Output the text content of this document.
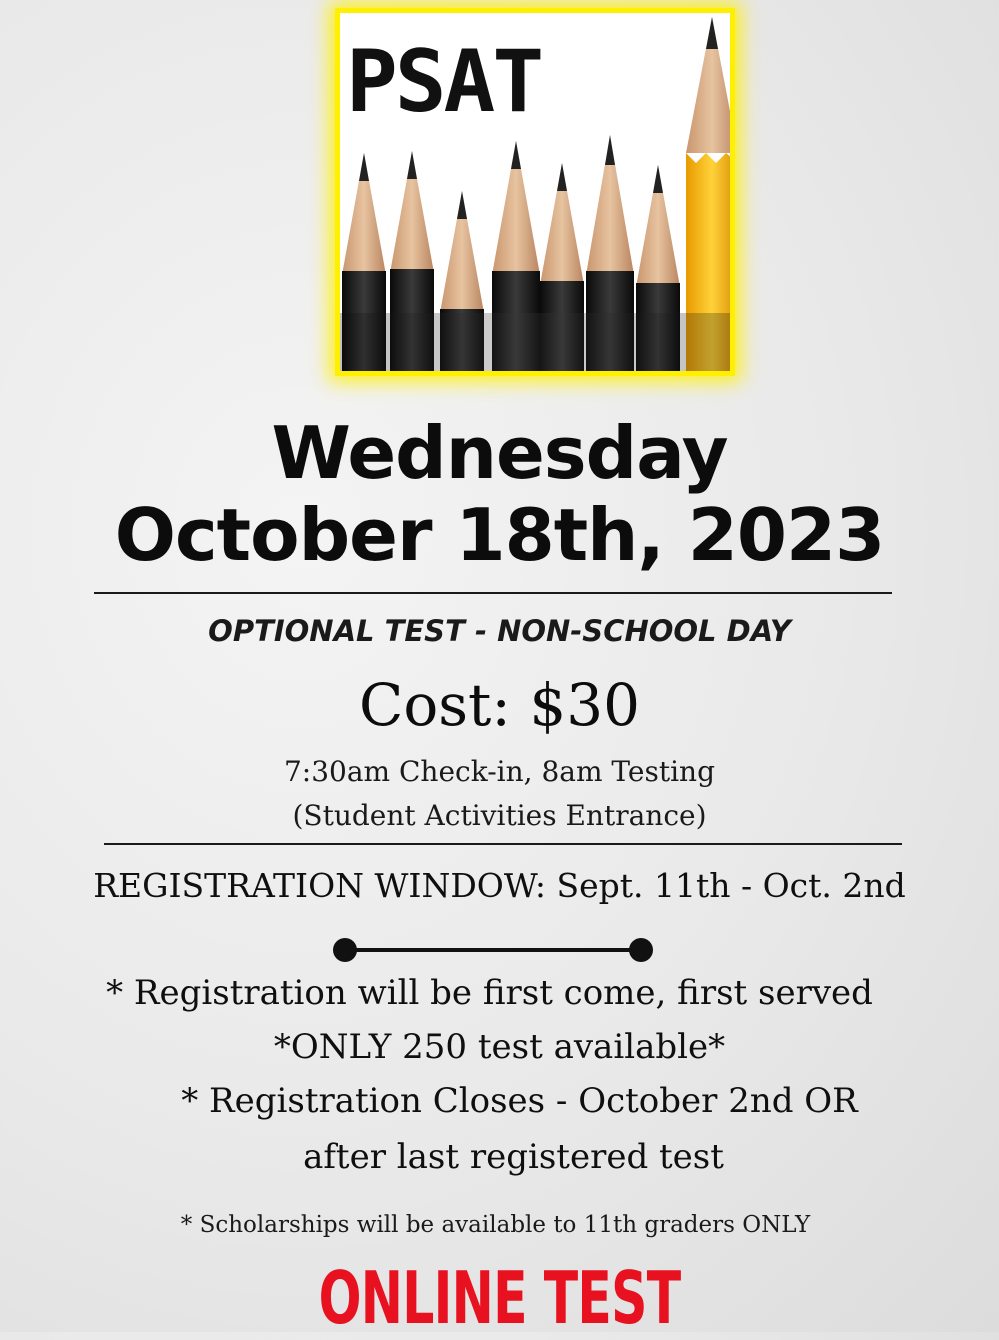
PSAT
Wednesday
October 18th, 2023
OPTIONAL TEST - NON-SCHOOL DAY
Cost: $30
7:30am Check-in, 8am Testing
(Student Activities Entrance)
REGISTRATION WINDOW: Sept. 11th - Oct. 2nd
* Registration will be first come, first served
*ONLY 250 test available*
* Registration Closes - October 2nd OR
after last registered test
* Scholarships will be available to 11th graders ONLY
ONLINE TEST
